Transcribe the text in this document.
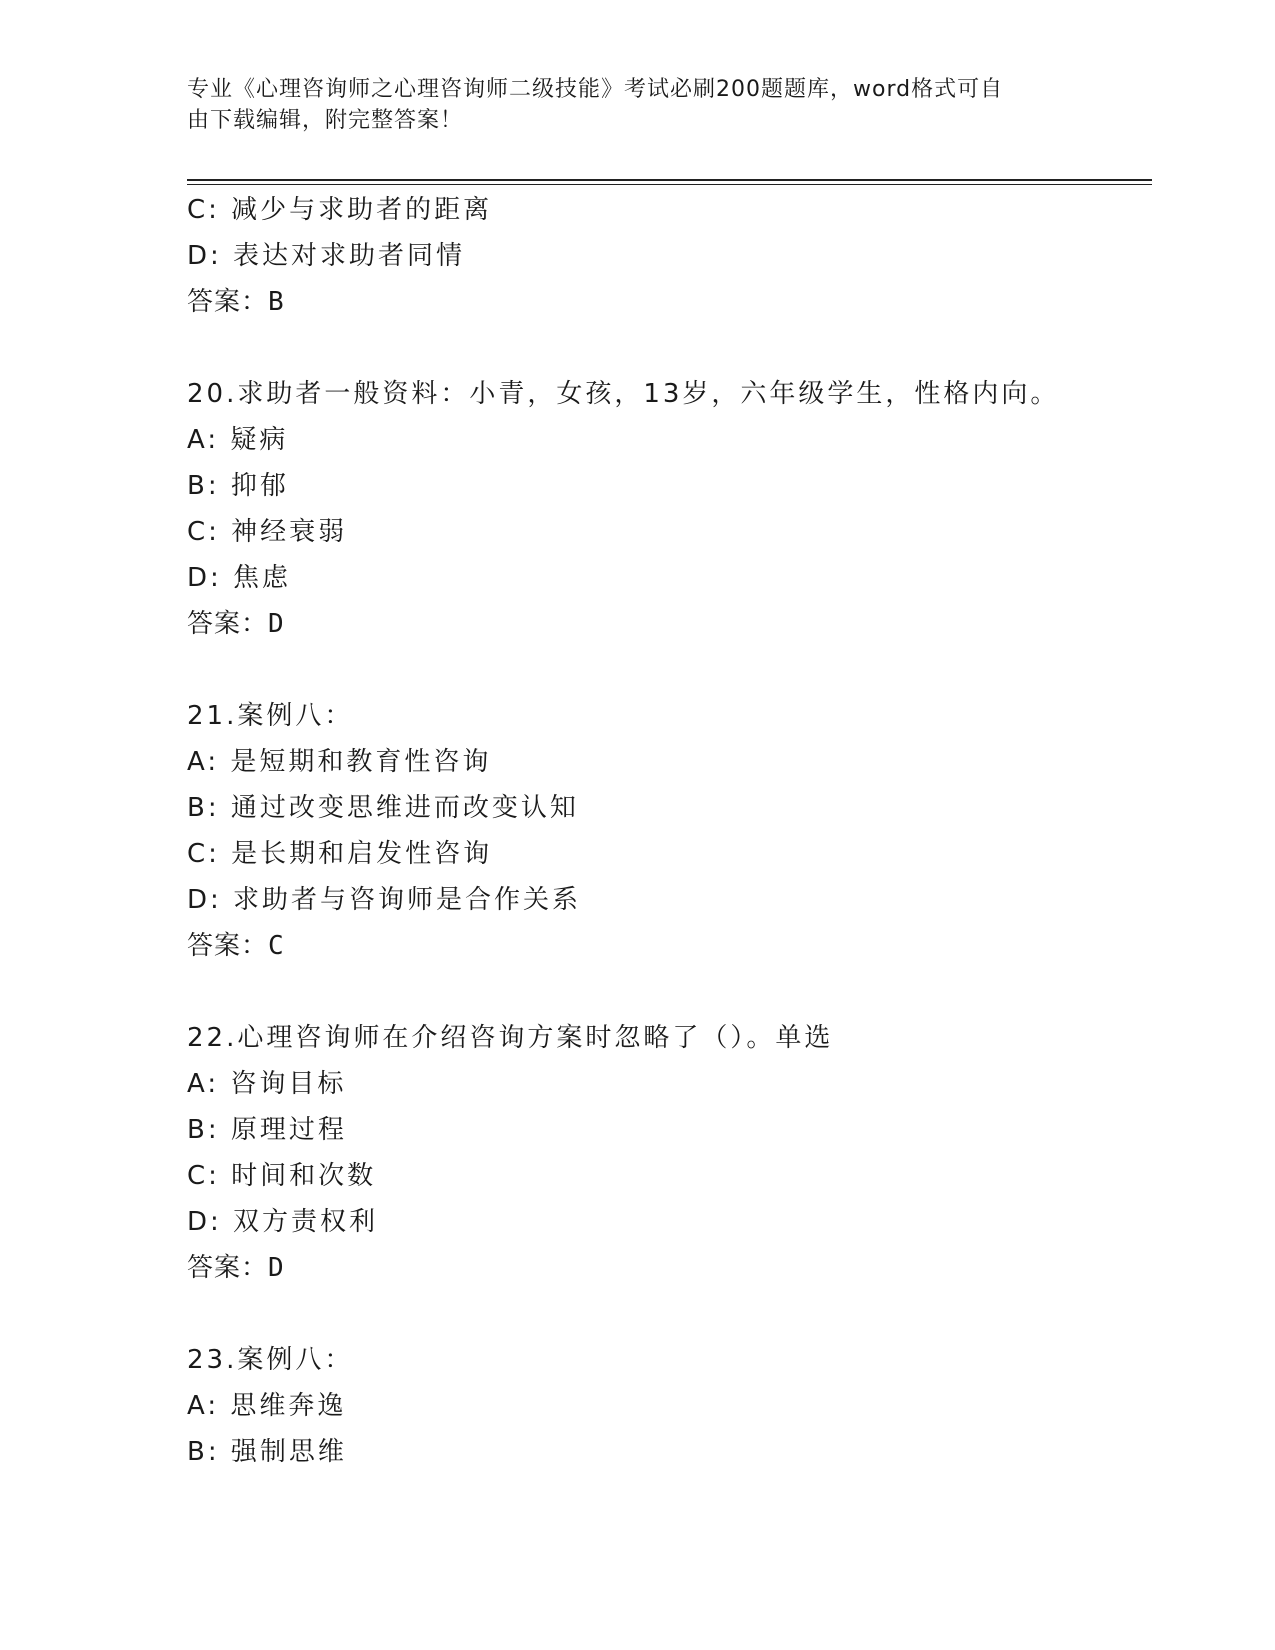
专业《心理咨询师之心理咨询师二级技能》考试必刷200题题库，word格式可自
由下载编辑，附完整答案！
C: 减少与求助者的距离
D: 表达对求助者同情
答案：B
20.求助者一般资料：小青，女孩，13岁，六年级学生，性格内向。
A: 疑病
B: 抑郁
C: 神经衰弱
D: 焦虑
答案：D
21.案例八：
A: 是短期和教育性咨询
B: 通过改变思维进而改变认知
C: 是长期和启发性咨询
D: 求助者与咨询师是合作关系
答案：C
22.心理咨询师在介绍咨询方案时忽略了（）。单选
A: 咨询目标
B: 原理过程
C: 时间和次数
D: 双方责权利
答案：D
23.案例八：
A: 思维奔逸
B: 强制思维
